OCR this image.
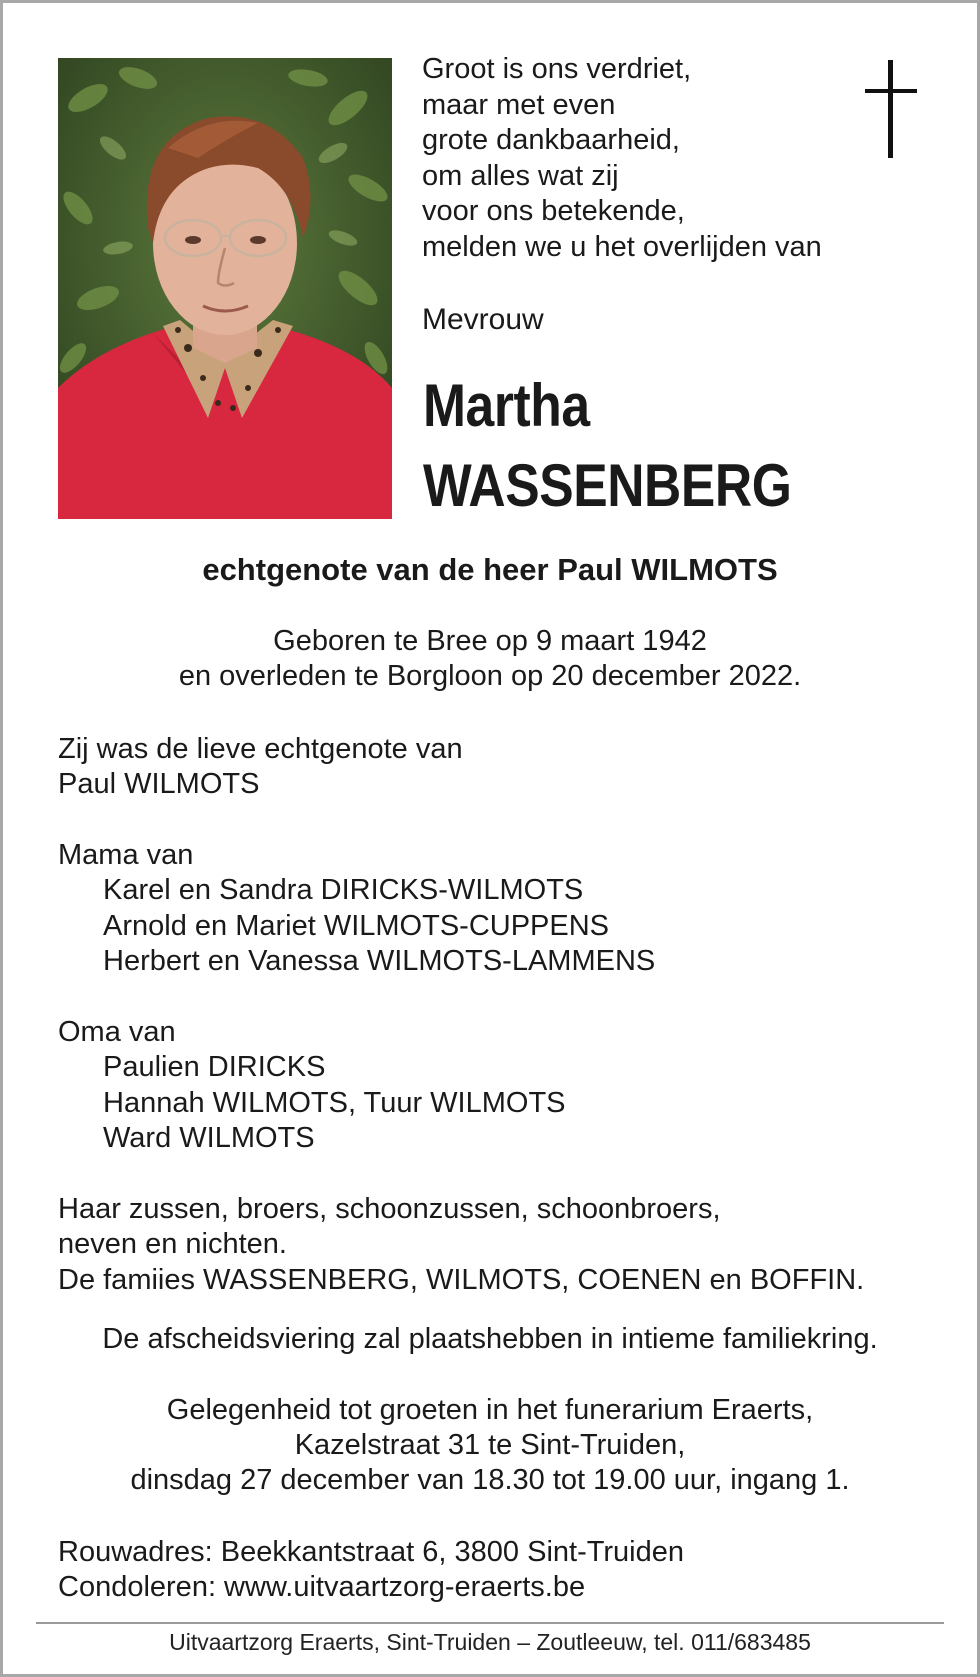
Groot is ons verdriet,
maar met even
grote dankbaarheid,
om alles wat zij
voor ons betekende,
melden we u het overlijden van
Mevrouw
Martha
WASSENBERG
echtgenote van de heer Paul WILMOTS
Geboren te Bree op 9 maart 1942
en overleden te Borgloon op 20 december 2022.
Zij was de lieve echtgenote van
Paul WILMOTS
Mama van
Karel en Sandra DIRICKS-WILMOTS
Arnold en Mariet WILMOTS-CUPPENS
Herbert en Vanessa WILMOTS-LAMMENS
Oma van
Paulien DIRICKS
Hannah WILMOTS, Tuur WILMOTS
Ward WILMOTS
Haar zussen, broers, schoonzussen, schoonbroers,
neven en nichten.
De famiies WASSENBERG, WILMOTS, COENEN en BOFFIN.
De afscheidsviering zal plaatshebben in intieme familiekring.
Gelegenheid tot groeten in het funerarium Eraerts,
Kazelstraat 31 te Sint-Truiden,
dinsdag 27 december van 18.30 tot 19.00 uur, ingang 1.
Rouwadres: Beekkantstraat 6, 3800 Sint-Truiden
Condoleren: www.uitvaartzorg-eraerts.be
Uitvaartzorg Eraerts, Sint-Truiden – Zoutleeuw, tel. 011/683485
